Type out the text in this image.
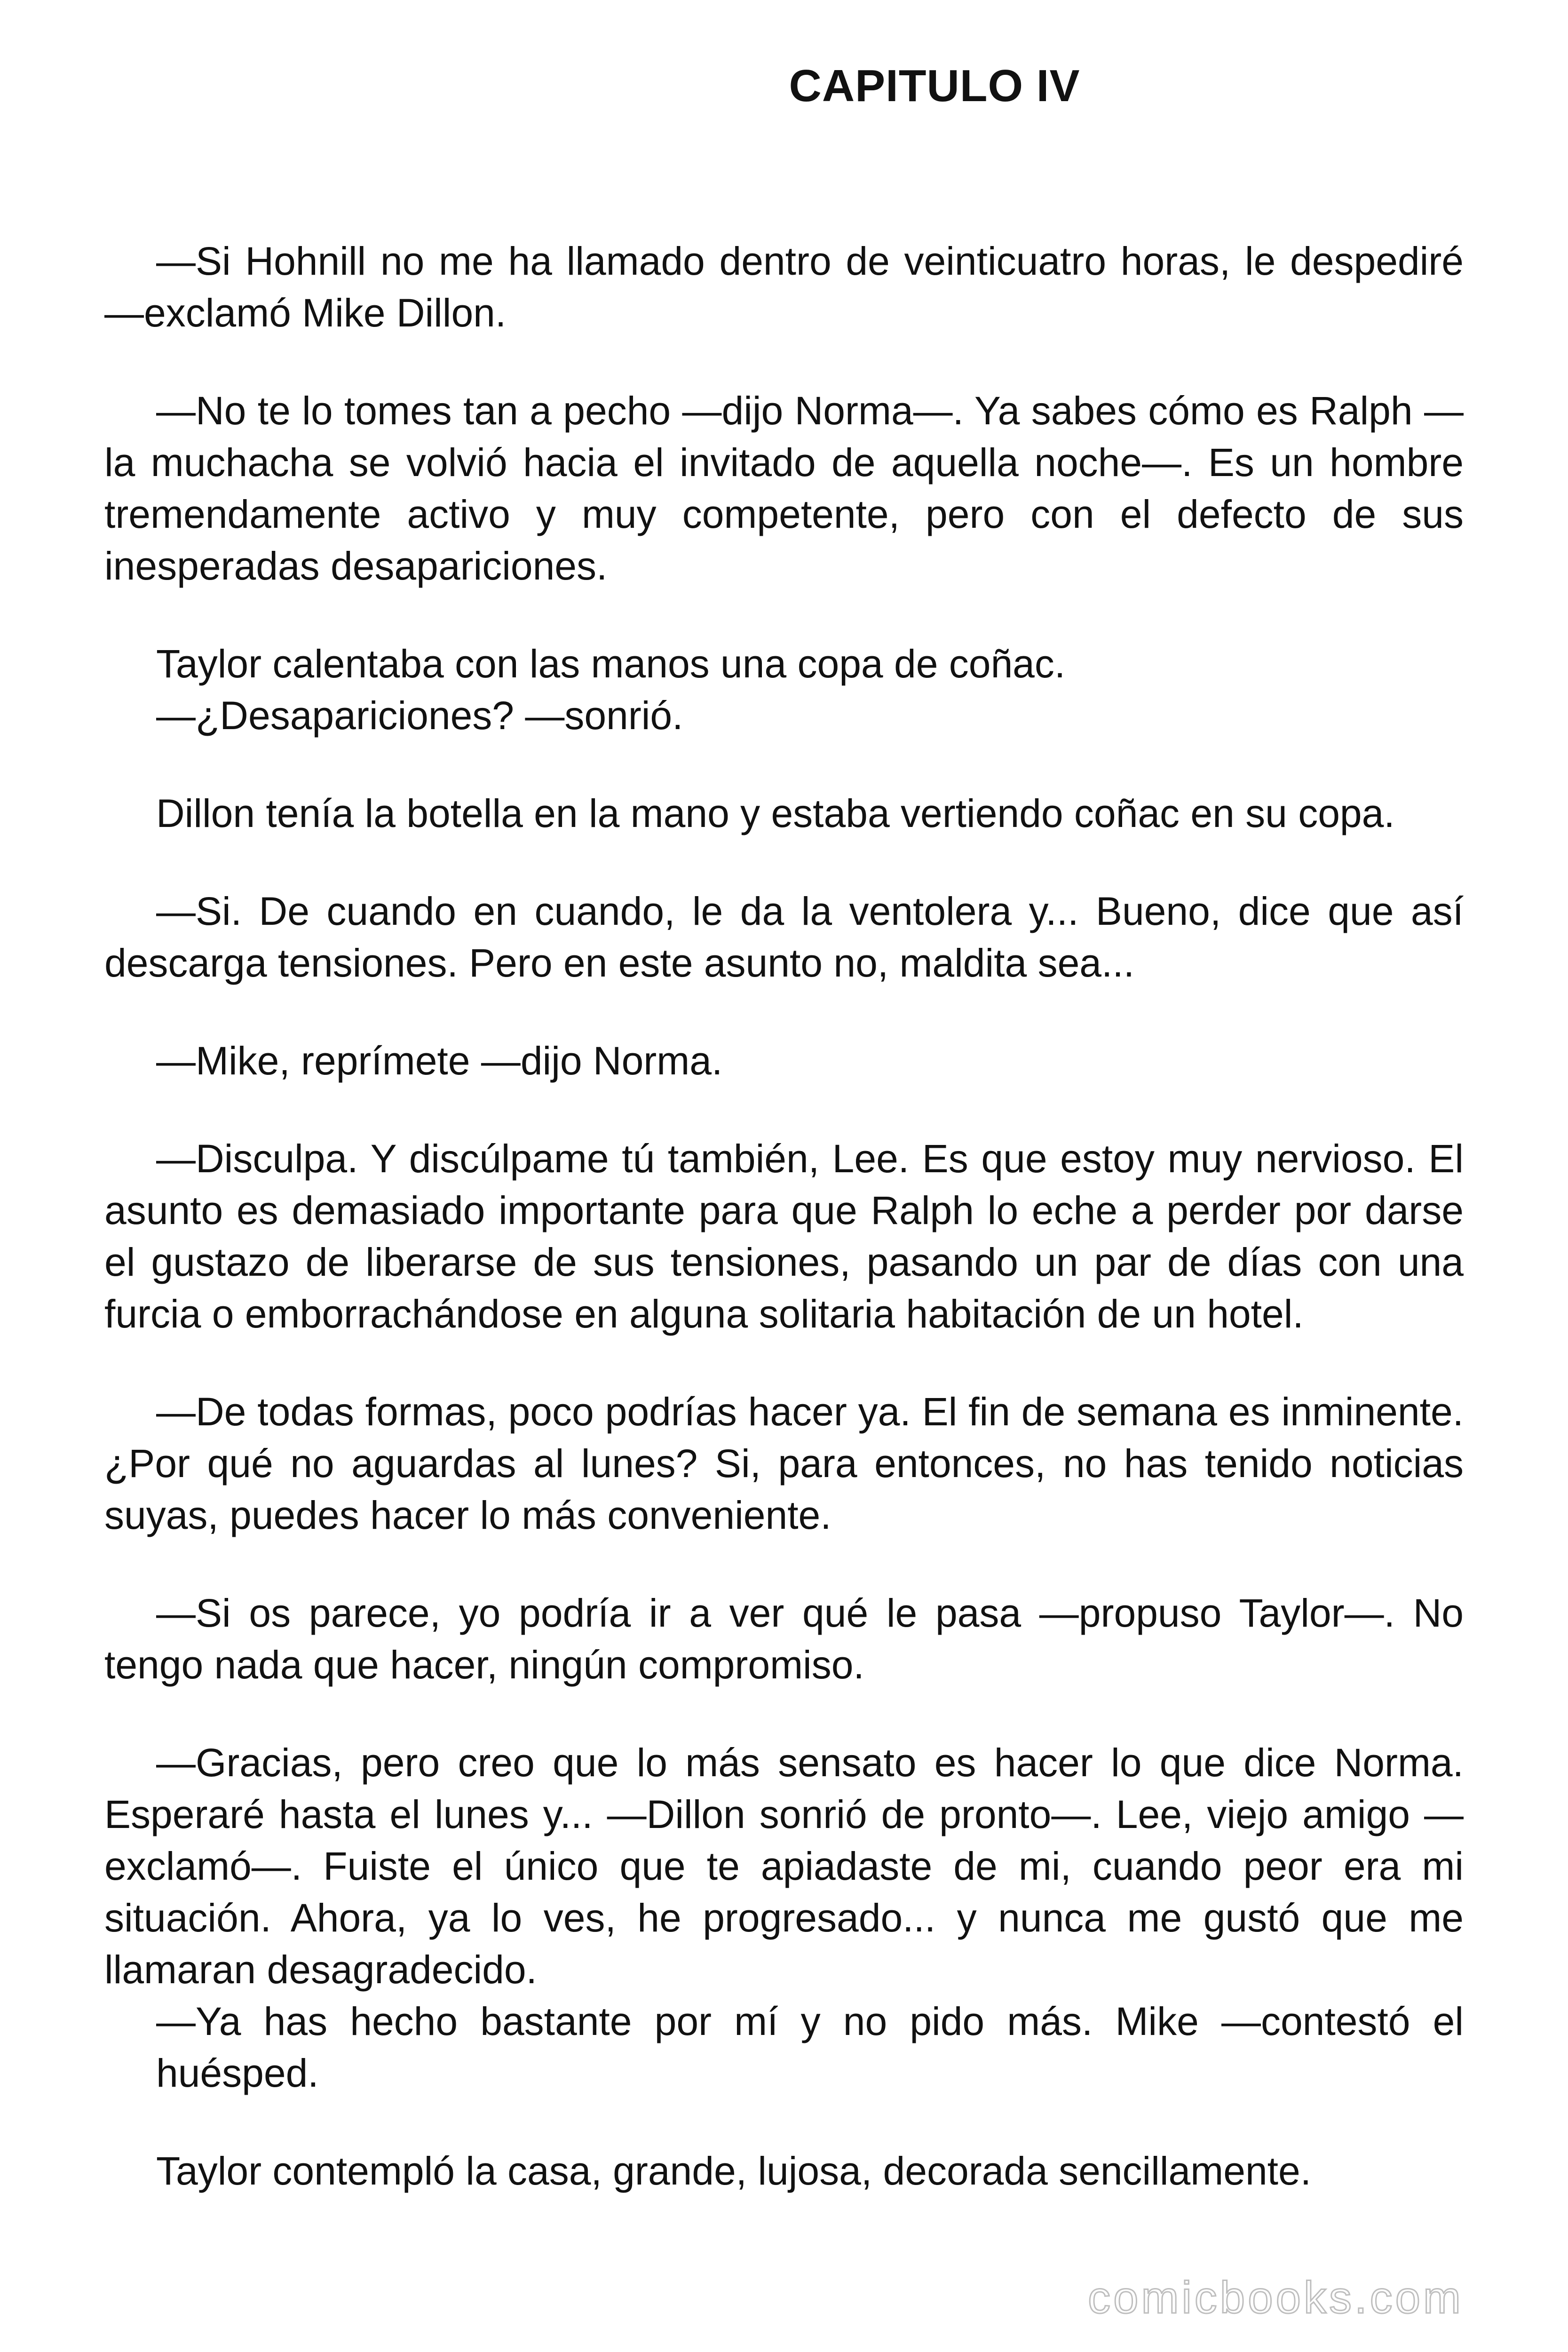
CAPITULO IV

—Si Hohnill no me ha llamado dentro de veinticuatro horas, le despediré —exclamó Mike Dillon.

—No te lo tomes tan a pecho —dijo Norma—. Ya sabes cómo es Ralph —la muchacha se volvió hacia el invitado de aquella noche—. Es un hombre tremendamente activo y muy competente, pero con el defecto de sus inesperadas desapariciones.

Taylor calentaba con las manos una copa de coñac.

—¿Desapariciones? —sonrió.

Dillon tenía la botella en la mano y estaba vertiendo coñac en su copa.

—Si. De cuando en cuando, le da la ventolera y... Bueno, dice que así descarga tensiones. Pero en este asunto no, maldita sea...

—Mike, reprímete —dijo Norma.

—Disculpa. Y discúlpame tú también, Lee. Es que estoy muy nervioso. El asunto es demasiado importante para que Ralph lo eche a perder por darse el gustazo de liberarse de sus tensiones, pasando un par de días con una furcia o emborrachándose en alguna solitaria habitación de un hotel.

—De todas formas, poco podrías hacer ya. El fin de semana es inminente. ¿Por qué no aguardas al lunes? Si, para entonces, no has tenido noticias suyas, puedes hacer lo más conveniente.

—Si os parece, yo podría ir a ver qué le pasa —propuso Taylor—. No tengo nada que hacer, ningún compromiso.

—Gracias, pero creo que lo más sensato es hacer lo que dice Norma. Esperaré hasta el lunes y... —Dillon sonrió de pronto—. Lee, viejo amigo —exclamó—. Fuiste el único que te apiadaste de mi, cuando peor era mi situación. Ahora, ya lo ves, he progresado... y nunca me gustó que me llamaran desagradecido.

—Ya has hecho bastante por mí y no pido más. Mike —contestó el huésped.

Taylor contempló la casa, grande, lujosa, decorada sencillamente.

comicbooks.com
